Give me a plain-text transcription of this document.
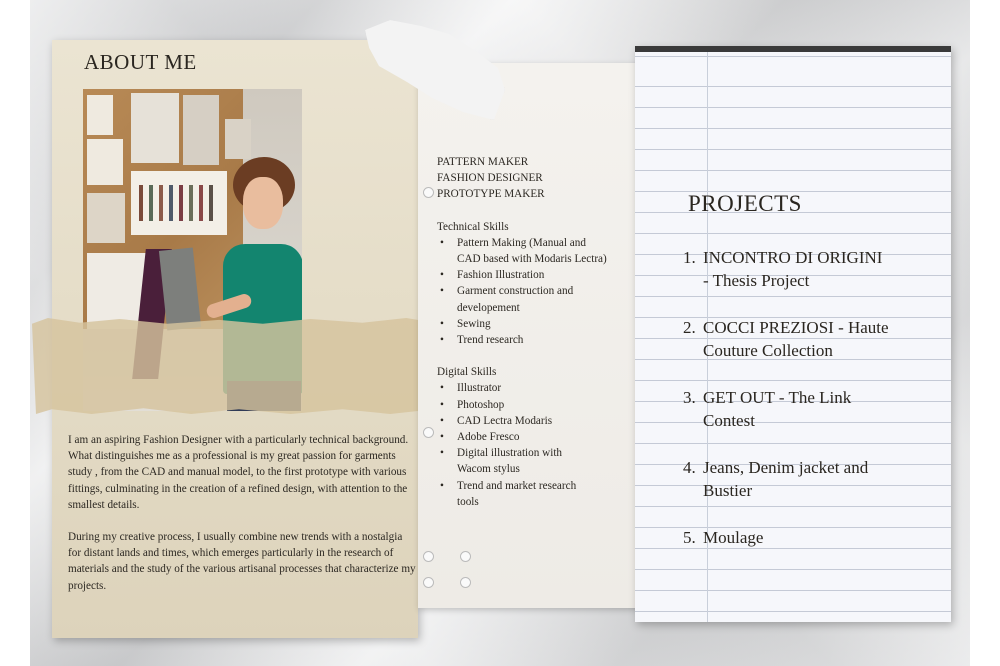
ABOUT ME

I am an aspiring Fashion Designer with a particularly technical background. What distinguishes me as a professional is my great passion for garments study , from the CAD and manual model, to the first prototype with various fittings, culminating in the creation of a refined design, with attention to the smallest details.

During my creative process, I usually combine new trends with a nostalgia for distant lands and times, which emerges particularly in the research of materials and the study of the various artisanal processes that characterize my projects.

PATTERN MAKER
FASHION DESIGNER
PROTOTYPE MAKER
Technical Skills
• Pattern Making (Manual and
CAD based with Modaris Lectra)
• Fashion Illustration
• Garment construction and
developement
• Sewing
• Trend research
Digital Skills
• Illustrator
• Photoshop
• CAD Lectra Modaris
• Adobe Fresco
• Digital illustration with
Wacom stylus
• Trend and market research
tools
PROJECTS
1. INCONTRO DI ORIGINI
- Thesis Project
2. COCCI PREZIOSI - Haute
Couture Collection
3. GET OUT - The Link
Contest
4. Jeans, Denim jacket and
Bustier
5. Moulage
